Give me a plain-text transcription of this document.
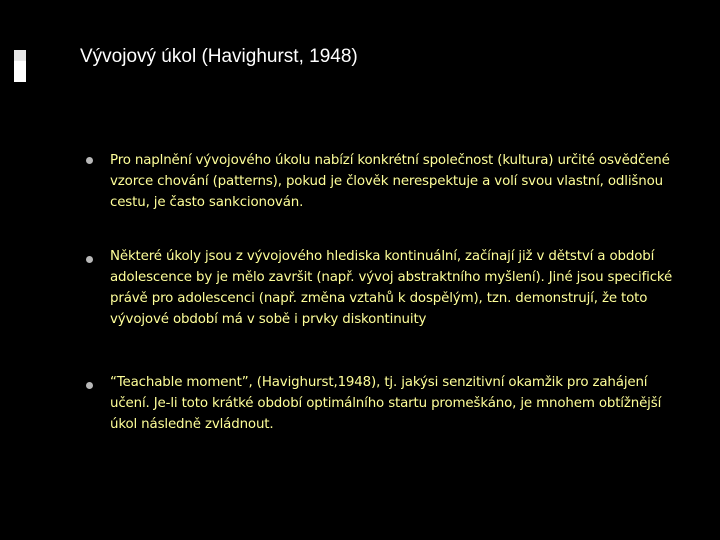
Vývojový úkol (Havighurst, 1948)

Pro naplnění vývojového úkolu nabízí konkrétní společnost (kultura) určité osvědčené vzorce chování (patterns), pokud je člověk nerespektuje a volí svou vlastní, odlišnou cestu, je často sankcionován.

Některé úkoly jsou z vývojového hlediska kontinuální, začínají již v dětství a období adolescence by je mělo završit (např. vývoj abstraktního myšlení). Jiné jsou specifické právě pro adolescenci (např. změna vztahů k dospělým), tzn. demonstrují, že toto vývojové období má v sobě i prvky diskontinuity

“Teachable moment”, (Havighurst,1948), tj. jakýsi senzitivní okamžik pro zahájení učení. Je-li toto krátké období optimálního startu promeškáno, je mnohem obtížnější úkol následně zvládnout.
